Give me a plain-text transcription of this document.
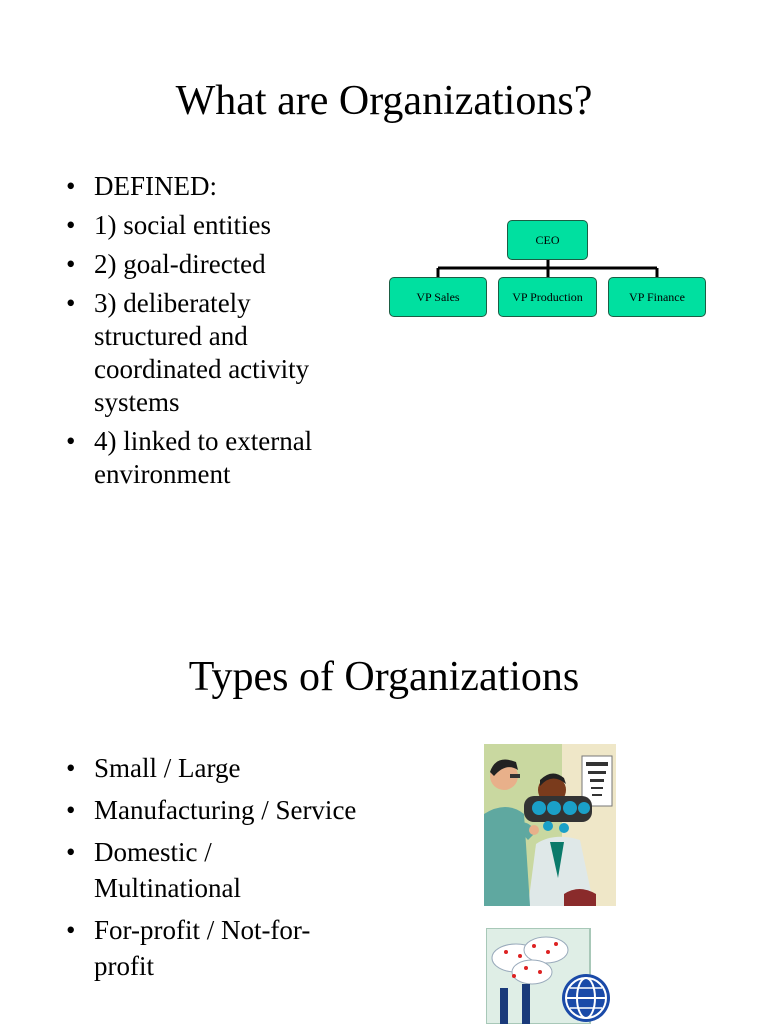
What are Organizations?
• DEFINED:
• 1) social entities
• 2) goal-directed
• 3) deliberately structured and coordinated activity systems
• 4) linked to external environment
CEO
VP Sales	VP Production	VP Finance
Types of Organizations
• Small / Large
• Manufacturing / Service
• Domestic / Multinational
• For-profit / Not-for-profit
